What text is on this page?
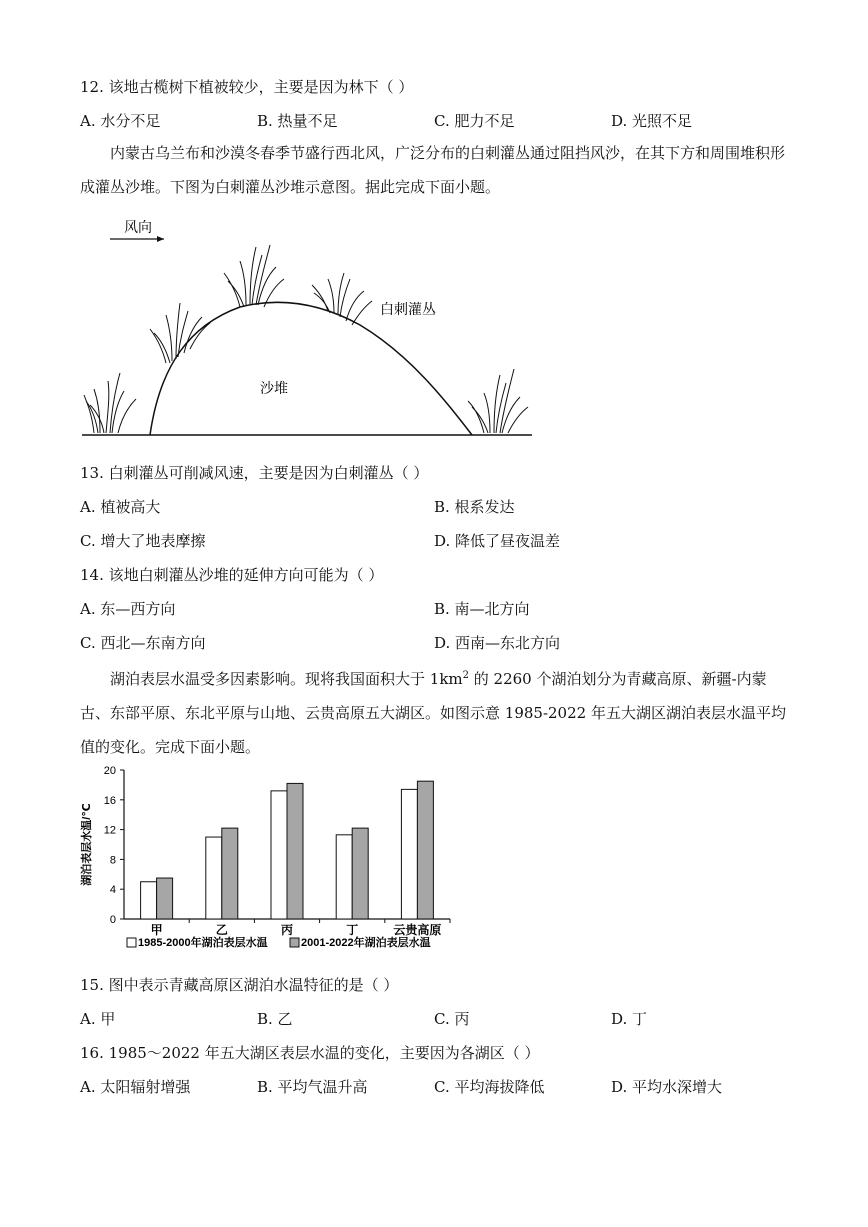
12. 该地古榄树下植被较少，主要是因为林下（ ）
A. 水分不足	B. 热量不足	C. 肥力不足	D. 光照不足
内蒙古乌兰布和沙漠冬春季节盛行西北风，广泛分布的白刺灌丛通过阻挡风沙，在其下方和周围堆积形成灌丛沙堆。下图为白刺灌丛沙堆示意图。据此完成下面小题。
风向
沙堆
白刺灌丛
13. 白刺灌丛可削减风速，主要是因为白刺灌丛（ ）
A. 植被高大	B. 根系发达
C. 增大了地表摩擦	D. 降低了昼夜温差
14. 该地白刺灌丛沙堆的延伸方向可能为（ ）
A. 东—西方向	B. 南—北方向
C. 西北—东南方向	D. 西南—东北方向
湖泊表层水温受多因素影响。现将我国面积大于 $1km^2$ 的 2260 个湖泊划分为青藏高原、新疆-内蒙古、东部平原、东北平原与山地、云贵高原五大湖区。如图示意 1985-2022 年五大湖区湖泊表层水温平均值的变化。完成下面小题。
0
4
8
12
16
20
湖泊表层水温/℃
甲	乙	丙	丁	云贵高原
1985-2000年湖泊表层水温	2001-2022年湖泊表层水温
15. 图中表示青藏高原区湖泊水温特征的是（ ）
A. 甲	B. 乙	C. 丙	D. 丁
16. 1985～2022 年五大湖区表层水温的变化，主要因为各湖区（ ）
A. 太阳辐射增强	B. 平均气温升高	C. 平均海拔降低	D. 平均水深增大
